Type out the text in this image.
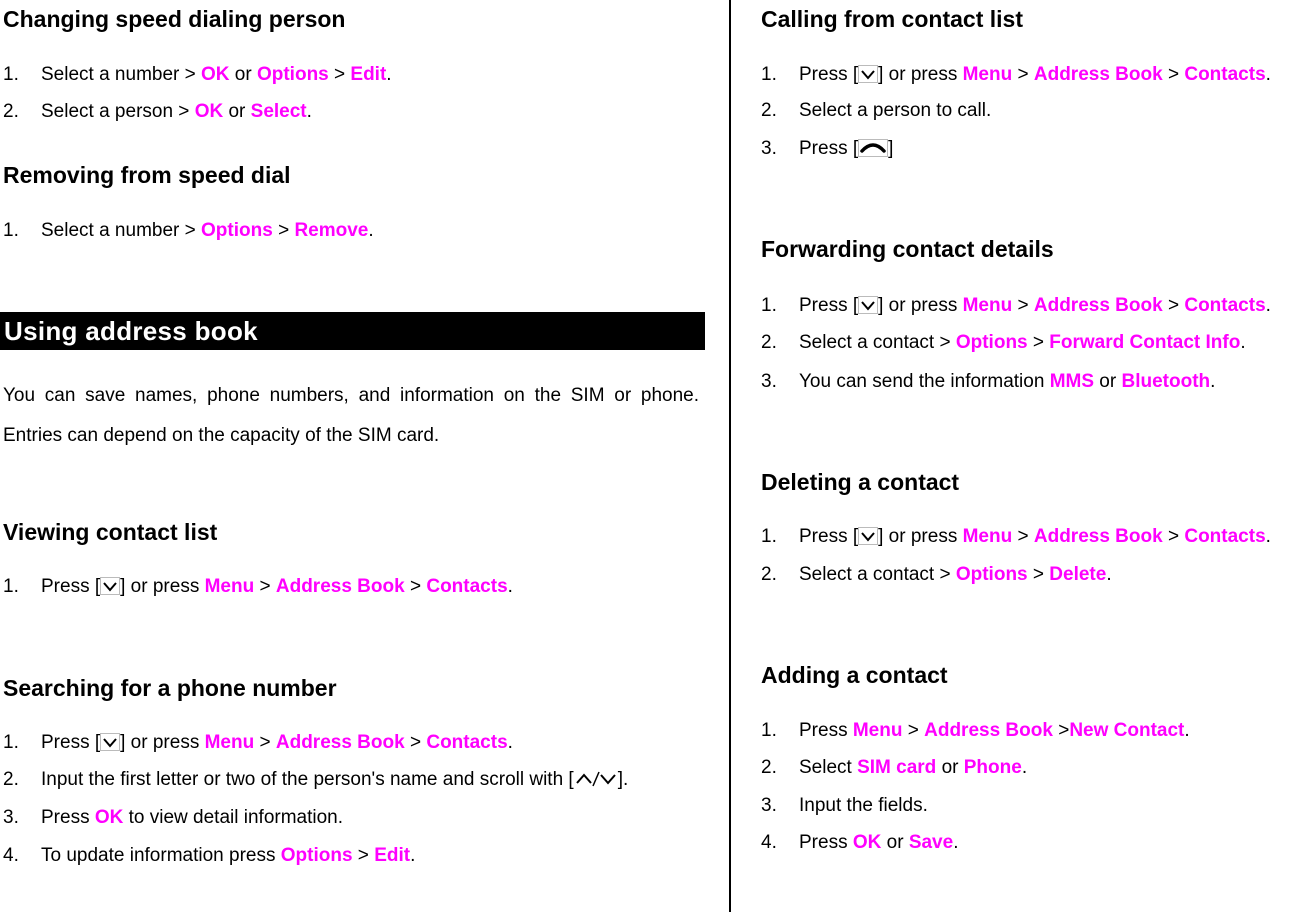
Changing speed dialing person
1. Select a number > OK or Options > Edit.
2. Select a person > OK or Select.
Removing from speed dial
1. Select a number > Options > Remove.
Using address book
You can save names, phone numbers, and information on the SIM or phone. Entries can depend on the capacity of the SIM card.
Viewing contact list
1. Press [ ] or press Menu > Address Book > Contacts.
Searching for a phone number
1. Press [ ] or press Menu > Address Book > Contacts.
2. Input the first letter or two of the person's name and scroll with [ ].
3. Press OK to view detail information.
4. To update information press Options > Edit.
Calling from contact list
1. Press [ ] or press Menu > Address Book > Contacts.
2. Select a person to call.
3. Press [ ]
Forwarding contact details
1. Press [ ] or press Menu > Address Book > Contacts.
2. Select a contact > Options > Forward Contact Info.
3. You can send the information MMS or Bluetooth.
Deleting a contact
1. Press [ ] or press Menu > Address Book > Contacts.
2. Select a contact > Options > Delete.
Adding a contact
1. Press Menu > Address Book >New Contact.
2. Select SIM card or Phone.
3. Input the fields.
4. Press OK or Save.
